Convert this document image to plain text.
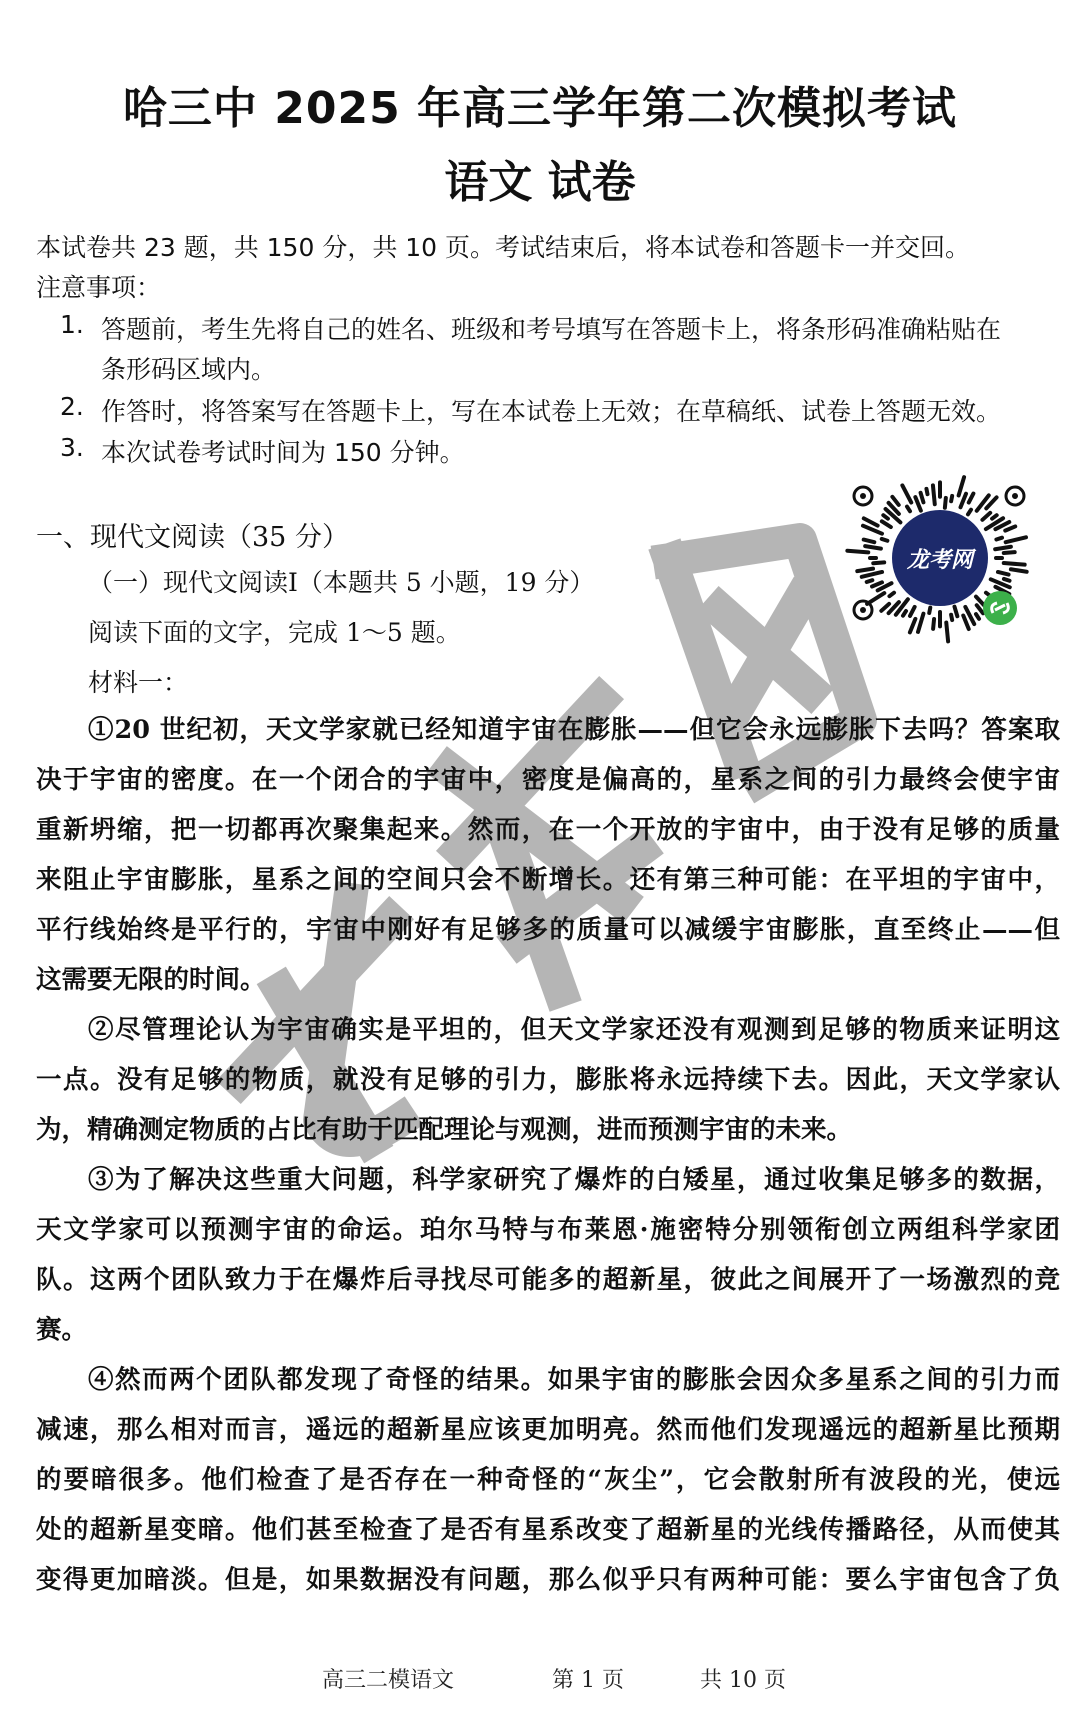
哈三中 2025 年高三学年第二次模拟考试
语文 试卷
本试卷共 23 题，共 150 分，共 10 页。考试结束后，将本试卷和答题卡一并交回。
注意事项：
1. 答题前，考生先将自己的姓名、班级和考号填写在答题卡上，将条形码准确粘贴在
条形码区域内。
2. 作答时，将答案写在答题卡上，写在本试卷上无效；在草稿纸、试卷上答题无效。
3. 本次试卷考试时间为 150 分钟。
一、现代文阅读（35 分）
（一）现代文阅读Ⅰ（本题共 5 小题，19 分）
阅读下面的文字，完成 1～5 题。
材料一：
龙考网
①20 世纪初，天文学家就已经知道宇宙在膨胀——但它会永远膨胀下去吗？答案取
决于宇宙的密度。在一个闭合的宇宙中，密度是偏高的，星系之间的引力最终会使宇宙
重新坍缩，把一切都再次聚集起来。然而，在一个开放的宇宙中，由于没有足够的质量
来阻止宇宙膨胀，星系之间的空间只会不断增长。还有第三种可能：在平坦的宇宙中，
平行线始终是平行的，宇宙中刚好有足够多的质量可以减缓宇宙膨胀，直至终止——但
这需要无限的时间。
②尽管理论认为宇宙确实是平坦的，但天文学家还没有观测到足够的物质来证明这
一点。没有足够的物质，就没有足够的引力，膨胀将永远持续下去。因此，天文学家认
为，精确测定物质的占比有助于匹配理论与观测，进而预测宇宙的未来。
③为了解决这些重大问题，科学家研究了爆炸的白矮星，通过收集足够多的数据，
天文学家可以预测宇宙的命运。珀尔马特与布莱恩·施密特分别领衔创立两组科学家团
队。这两个团队致力于在爆炸后寻找尽可能多的超新星，彼此之间展开了一场激烈的竞
赛。
④然而两个团队都发现了奇怪的结果。如果宇宙的膨胀会因众多星系之间的引力而
减速，那么相对而言，遥远的超新星应该更加明亮。然而他们发现遥远的超新星比预期
的要暗很多。他们检查了是否存在一种奇怪的“灰尘”，它会散射所有波段的光，使远
处的超新星变暗。他们甚至检查了是否有星系改变了超新星的光线传播路径，从而使其
变得更加暗淡。但是，如果数据没有问题，那么似乎只有两种可能：要么宇宙包含了负
高三二模语文	第 1 页	共 10 页
